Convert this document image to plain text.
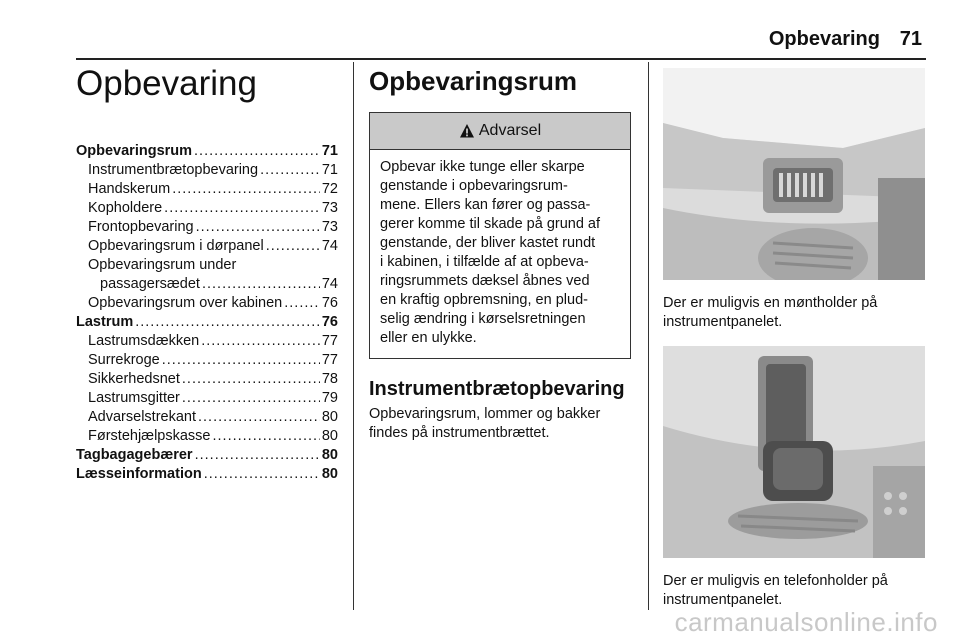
Opbevaring 71
Opbevaring
Opbevaringsrum .....	71
Instrumentbrætopbevaring .....	71
Handskerum .....	72
Kopholdere .....	73
Frontopbevaring .....	73
Opbevaringsrum i dørpanel .....	74
Opbevaringsrum under
passagersædet .....	74
Opbevaringsrum over kabinen .....	76
Lastrum .....	76
Lastrumsdækken .....	77
Surrekroge .....	77
Sikkerhedsnet .....	78
Lastrumsgitter .....	79
Advarselstrekant .....	80
Førstehjælpskasse .....	80
Tagbagagebærer .....	80
Læsseinformation .....	80
Opbevaringsrum
Advarsel
Opbevar ikke tunge eller skarpe
genstande i opbevaringsrum-
mene. Ellers kan fører og passa-
gerer komme til skade på grund af
genstande, der bliver kastet rundt
i kabinen, i tilfælde af at opbeva-
ringsrummets dæksel åbnes ved
en kraftig opbremsning, en plud-
selig ændring i kørselsretningen
eller en ulykke.
Instrumentbrætopbevaring
Opbevaringsrum, lommer og bakker
findes på instrumentbrættet.
Der er muligvis en møntholder på
instrumentpanelet.
Der er muligvis en telefonholder på
instrumentpanelet.
carmanualsonline.info
